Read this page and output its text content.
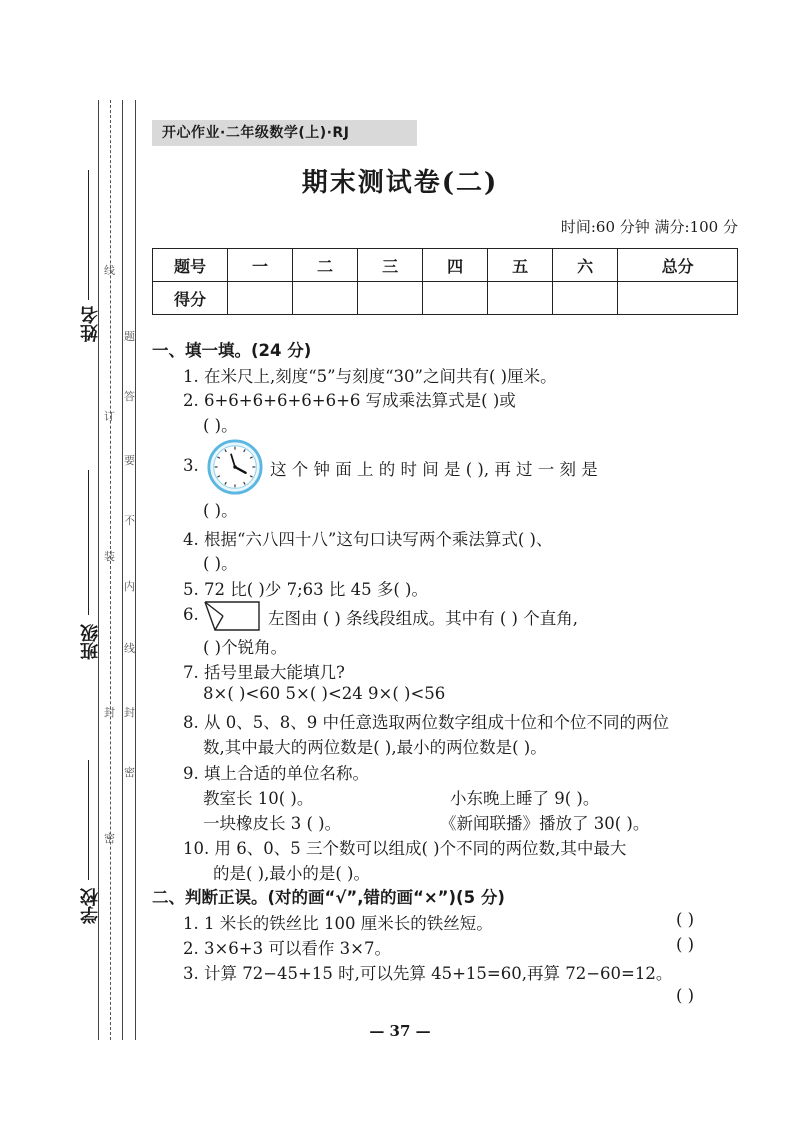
订
装
封
密
线
题
答
要
不
内
线
封
密
姓名
班级
学校
开心作业·二年级数学(上)·RJ
期末测试卷(二)
时间:60 分钟 满分:100 分
题号	一	二	三	四	五	六	总分
得分							
一、填一填。(24 分)
1. 在米尺上,刻度“5”与刻度“30”之间共有( )厘米。
2. 6+6+6+6+6+6+6 写成乘法算式是( )或
( )。
3.	这 个 钟 面 上 的 时 间 是 ( ), 再 过 一 刻 是
( )。
4. 根据“六八四十八”这句口诀写两个乘法算式( )、
( )。
5. 72 比( )少 7;63 比 45 多( )。
6.	左图由 ( ) 条线段组成。其中有 ( ) 个直角,
( )个锐角。
7. 括号里最大能填几?
8×( )<60 5×( )<24 9×( )<56
8. 从 0、5、8、9 中任意选取两位数字组成十位和个位不同的两位
数,其中最大的两位数是( ),最小的两位数是( )。
9. 填上合适的单位名称。
教室长 10( )。	小东晚上睡了 9( )。
一块橡皮长 3 ( )。	《新闻联播》播放了 30( )。
10. 用 6、0、5 三个数可以组成( )个不同的两位数,其中最大
的是( ),最小的是( )。
二、判断正误。(对的画“√”,错的画“×”)(5 分)
1. 1 米长的铁丝比 100 厘米长的铁丝短。	( )
2. 3×6+3 可以看作 3×7。	( )
3. 计算 72−45+15 时,可以先算 45+15=60,再算 72−60=12。
( )
— 37 —
